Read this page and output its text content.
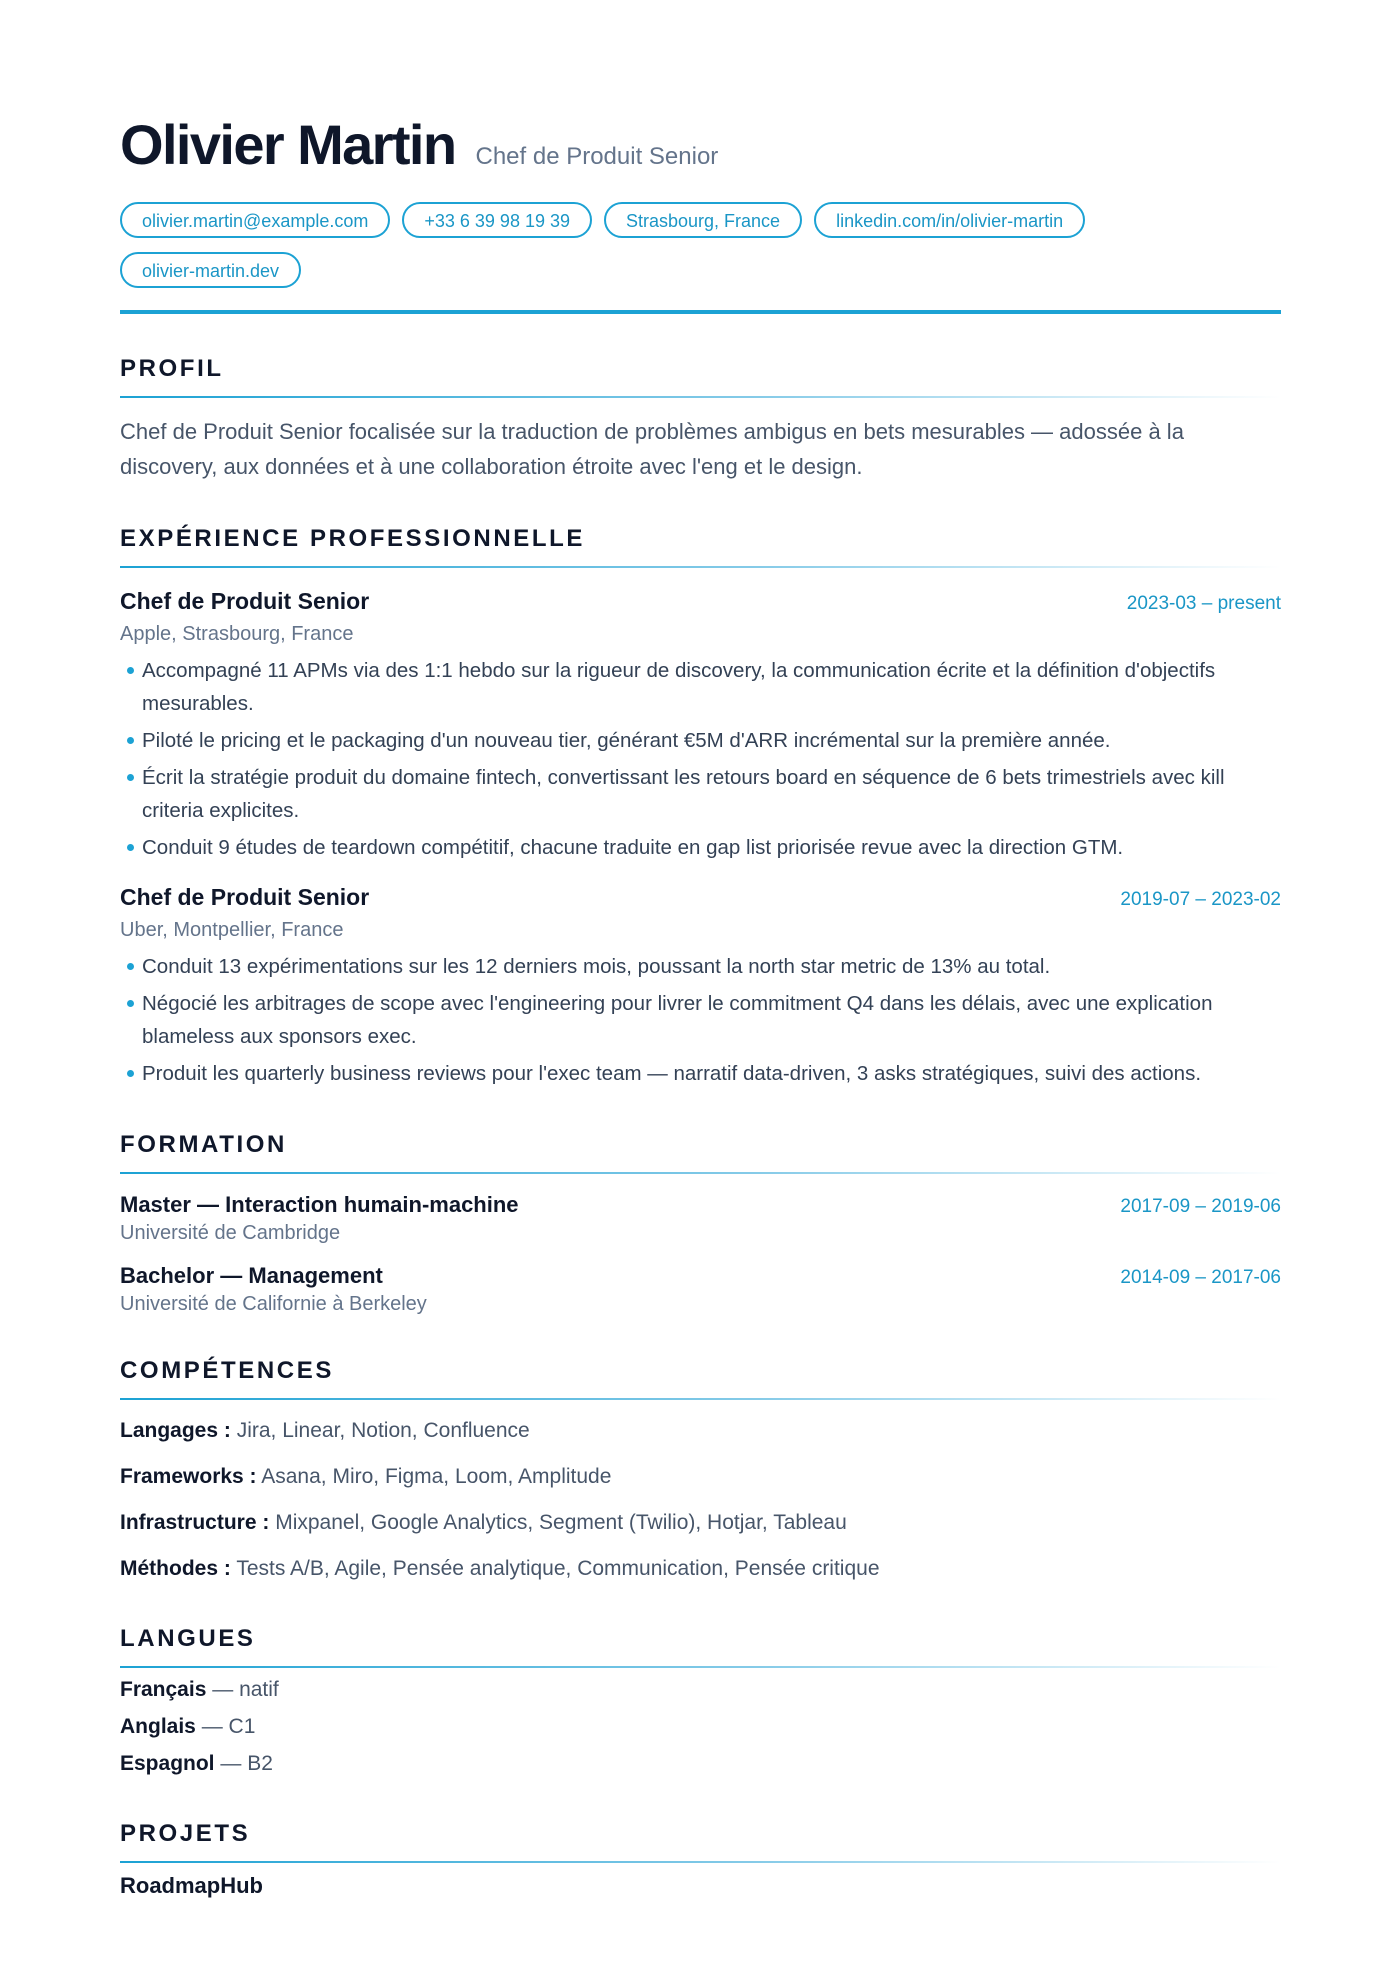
Olivier Martin Chef de Produit Senior
olivier.martin@example.com	+33 6 39 98 19 39	Strasbourg, France	linkedin.com/in/olivier-martin
olivier-martin.dev
PROFIL

Chef de Produit Senior focalisée sur la traduction de problèmes ambigus en bets mesurables — adossée à la discovery, aux données et à une collaboration étroite avec l'eng et le design.

EXPÉRIENCE PROFESSIONNELLE
Chef de Produit Senior	2023-03 – present
Apple, Strasbourg, France
Accompagné 11 APMs via des 1:1 hebdo sur la rigueur de discovery, la communication écrite et la définition d'objectifs mesurables.
Piloté le pricing et le packaging d'un nouveau tier, générant €5M d'ARR incrémental sur la première année.
Écrit la stratégie produit du domaine fintech, convertissant les retours board en séquence de 6 bets trimestriels avec kill criteria explicites.
Conduit 9 études de teardown compétitif, chacune traduite en gap list priorisée revue avec la direction GTM.
Chef de Produit Senior	2019-07 – 2023-02
Uber, Montpellier, France
Conduit 13 expérimentations sur les 12 derniers mois, poussant la north star metric de 13% au total.
Négocié les arbitrages de scope avec l'engineering pour livrer le commitment Q4 dans les délais, avec une explication blameless aux sponsors exec.
Produit les quarterly business reviews pour l'exec team — narratif data-driven, 3 asks stratégiques, suivi des actions.
FORMATION
Master — Interaction humain-machine	2017-09 – 2019-06
Université de Cambridge
Bachelor — Management	2014-09 – 2017-06
Université de Californie à Berkeley
COMPÉTENCES
Langages : Jira, Linear, Notion, Confluence
Frameworks : Asana, Miro, Figma, Loom, Amplitude
Infrastructure : Mixpanel, Google Analytics, Segment (Twilio), Hotjar, Tableau
Méthodes : Tests A/B, Agile, Pensée analytique, Communication, Pensée critique
LANGUES
Français — natif
Anglais — C1
Espagnol — B2
PROJETS
RoadmapHub
